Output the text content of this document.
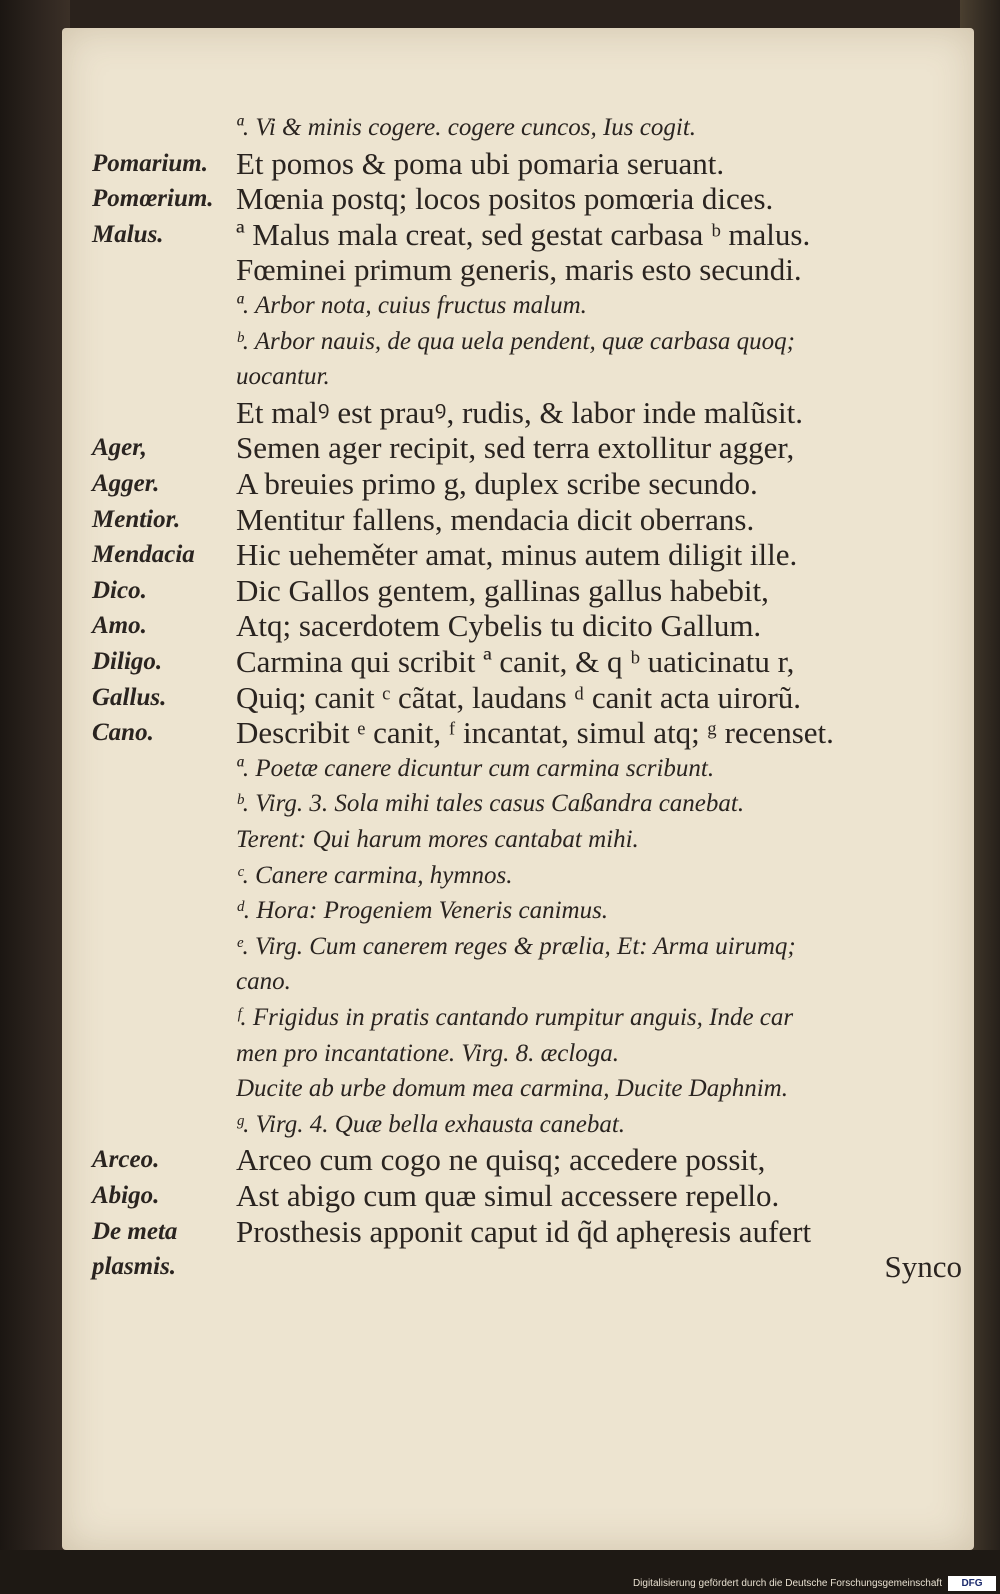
ª. Vi & minis cogere. cogere cuncos, Ius cogit.
Pomarium. Et pomos & poma ubi pomaria seruant.
Pomœrium. Mœnia postq; locos positos pomœria dices.
Malus.	ª Malus mala creat, sed gestat carbasa ᵇ malus.
Fœminei primum generis, maris esto secundi.
ª. Arbor nota, cuius fructus malum.
ᵇ. Arbor nauis, de qua uela pendent, quæ carbasa quoq;
uocantur.
Et malꝰ est prauꝰ, rudis, & labor inde malũsit.
Ager,	Semen ager recipit, sed terra extollitur agger,
Agger.	A breuies primo g, duplex scribe secundo.
Mentior.	Mentitur fallens, mendacia dicit oberrans.
Mendacia	Hic ueheměter amat, minus autem diligit ille.
Dico.	Dic Gallos gentem, gallinas gallus habebit,
Amo.	Atq; sacerdotem Cybelis tu dicito Gallum.
Diligo.	Carmina qui scribit ª canit, & q ᵇ uaticinatu r,
Gallus.	Quiq; canit ᶜ cãtat, laudans ᵈ canit acta uirorũ.
Cano.	Describit ᵉ canit, ᶠ incantat, simul atq; ᵍ recenset.
ª. Poetæ canere dicuntur cum carmina scribunt.
ᵇ. Virg. 3. Sola mihi tales casus Caßandra canebat.
Terent: Qui harum mores cantabat mihi.
ᶜ. Canere carmina, hymnos.
ᵈ. Hora: Progeniem Veneris canimus.
ᵉ. Virg. Cum canerem reges & prælia, Et: Arma uirumq;
cano.
ᶠ. Frigidus in pratis cantando rumpitur anguis, Inde car
men pro incantatione. Virg. 8. æcloga.
Ducite ab urbe domum mea carmina, Ducite Daphnim.
ᵍ. Virg. 4. Quæ bella exhausta canebat.
Arceo.	Arceo cum cogo ne quisq; accedere possit,
Abigo.	Ast abigo cum quæ simul accessere repello.
De meta	Prosthesis apponit caput id q̃d aphęresis aufert
plasmis.	Synco
Digitalisierung gefördert durch die Deutsche Forschungsgemeinschaft	DFG
